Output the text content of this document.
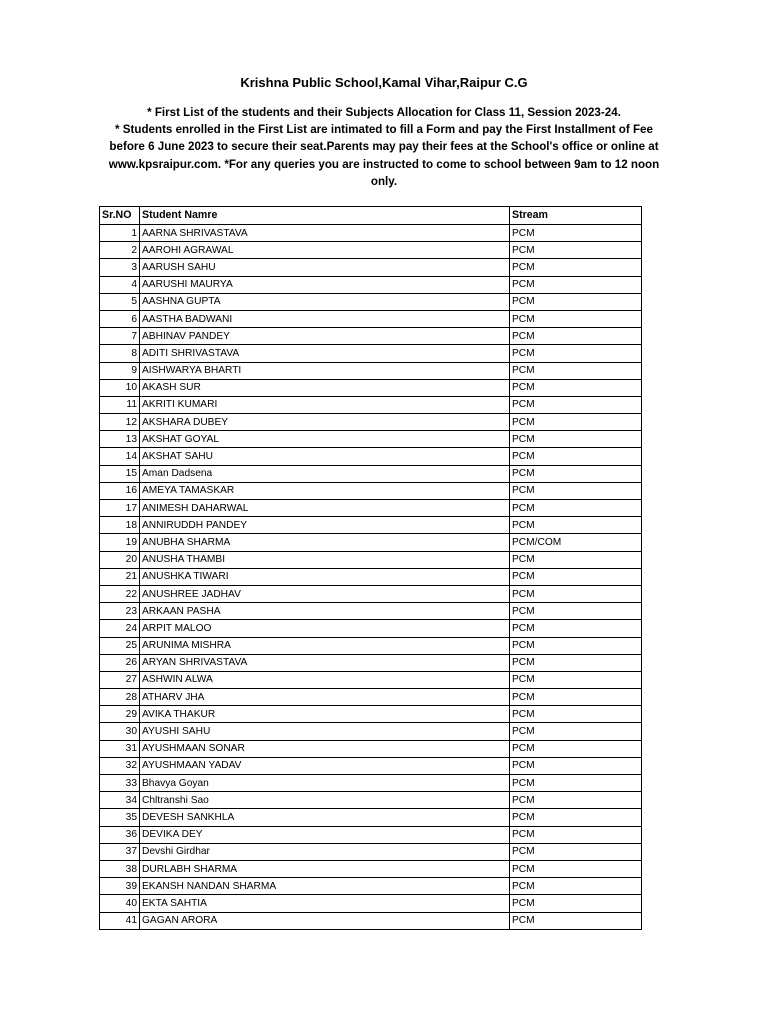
Krishna Public School,Kamal Vihar,Raipur C.G

* First List of the students and their Subjects Allocation for Class 11, Session 2023-24.

* Students enrolled in the First List are intimated to fill a Form and pay the First Installment of Fee

before 6 June 2023 to secure their seat.Parents may pay their fees at the School's office or online at

www.kpsraipur.com. *For any queries you are instructed to come to school between 9am to 12 noon

only.

Sr.NO	Student Namre	Stream
1	AARNA SHRIVASTAVA	PCM
2	AAROHI AGRAWAL	PCM
3	AARUSH SAHU	PCM
4	AARUSHI MAURYA	PCM
5	AASHNA GUPTA	PCM
6	AASTHA BADWANI	PCM
7	ABHINAV PANDEY	PCM
8	ADITI SHRIVASTAVA	PCM
9	AISHWARYA BHARTI	PCM
10	AKASH SUR	PCM
11	AKRITI KUMARI	PCM
12	AKSHARA DUBEY	PCM
13	AKSHAT GOYAL	PCM
14	AKSHAT SAHU	PCM
15	Aman Dadsena	PCM
16	AMEYA TAMASKAR	PCM
17	ANIMESH DAHARWAL	PCM
18	ANNIRUDDH PANDEY	PCM
19	ANUBHA SHARMA	PCM/COM
20	ANUSHA THAMBI	PCM
21	ANUSHKA TIWARI	PCM
22	ANUSHREE JADHAV	PCM
23	ARKAAN PASHA	PCM
24	ARPIT MALOO	PCM
25	ARUNIMA MISHRA	PCM
26	ARYAN SHRIVASTAVA	PCM
27	ASHWIN ALWA	PCM
28	ATHARV JHA	PCM
29	AVIKA THAKUR	PCM
30	AYUSHI SAHU	PCM
31	AYUSHMAAN SONAR	PCM
32	AYUSHMAAN YADAV	PCM
33	Bhavya Goyan	PCM
34	Chltranshi Sao	PCM
35	DEVESH SANKHLA	PCM
36	DEVIKA DEY	PCM
37	Devshi Girdhar	PCM
38	DURLABH SHARMA	PCM
39	EKANSH NANDAN SHARMA	PCM
40	EKTA SAHTIA	PCM
41	GAGAN ARORA	PCM
